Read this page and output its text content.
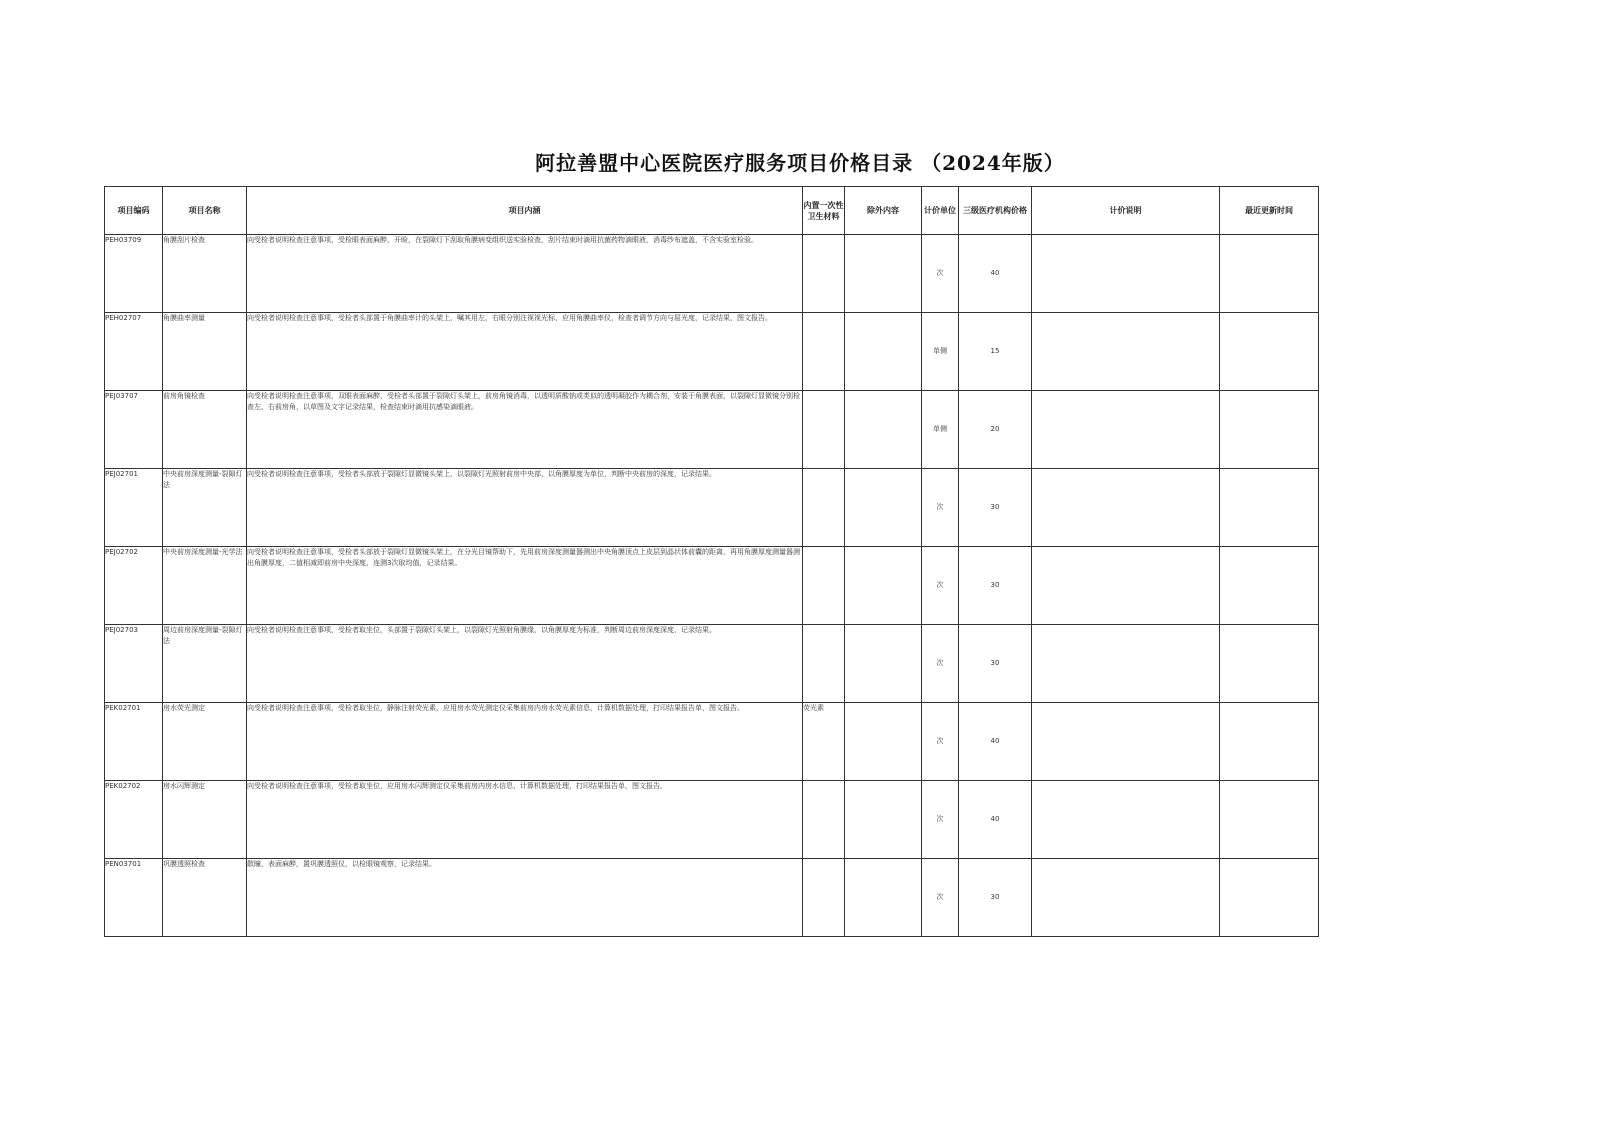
阿拉善盟中心医院医疗服务项目价格目录 （2024年版）
项目编码	项目名称	项目内涵	内置一次性卫生材料	除外内容	计价单位	三级医疗机构价格	计价说明	最近更新时间
PEH03709	角膜刮片检查	向受检者说明检查注意事项，受检眼表面麻醉，开睑，在裂隙灯下刮取角膜病变组织送实验检查，刮片结束时滴用抗菌药物滴眼液，消毒纱布遮盖，不含实验室检验。			次	40		
PEH02707	角膜曲率测量	向受检者说明检查注意事项，受检者头部置于角膜曲率计的头架上，嘱其用左、右眼分别注视视光标，应用角膜曲率仪，检查者调节方向与屈光度，记录结果，图文报告。			单侧	15		
PEJ03707	前房角镜检查	向受检者说明检查注意事项，双眼表面麻醉，受检者头部置于裂隙灯头架上，前房角镜消毒，以透明质酸钠或类似的透明凝胶作为耦合剂，安装于角膜表面，以裂隙灯显微镜分别检查左、右前房角，以草图及文字记录结果，检查结束时滴用抗感染滴眼液。			单侧	20		
PEJ02701	中央前房深度测量-裂隙灯法	向受检者说明检查注意事项，受检者头部放于裂隙灯显微镜头架上，以裂隙灯光照射前房中央部，以角膜厚度为单位，判断中央前房的深度，记录结果。			次	30		
PEJ02702	中央前房深度测量-光学法	向受检者说明检查注意事项，受检者头部放于裂隙灯显微镜头架上，在分光目镜帮助下，先用前房深度测量器测出中央角膜顶点上皮层到晶状体前囊的距离，再用角膜厚度测量器测出角膜厚度，二值相减即前房中央深度，连测3次取均值，记录结果。			次	30		
PEJ02703	周边前房深度测量-裂隙灯法	向受检者说明检查注意事项，受检者取坐位，头部置于裂隙灯头架上，以裂隙灯光照射角膜缘，以角膜厚度为标准，判断周边前房深度深度，记录结果。			次	30		
PEK02701	房水荧光测定	向受检者说明检查注意事项，受检者取坐位，静脉注射荧光素，应用房水荧光测定仪采集前房内房水荧光素信息，计算机数据处理，打印结果报告单，图文报告。	荧光素		次	40		
PEK02702	房水闪辉测定	向受检者说明检查注意事项，受检者取坐位，应用房水闪辉测定仪采集前房内房水信息，计算机数据处理，打印结果报告单，图文报告。			次	40		
PEN03701	巩膜透照检查	散瞳，表面麻醉，置巩膜透照仪，以检眼镜观察，记录结果。			次	30		
